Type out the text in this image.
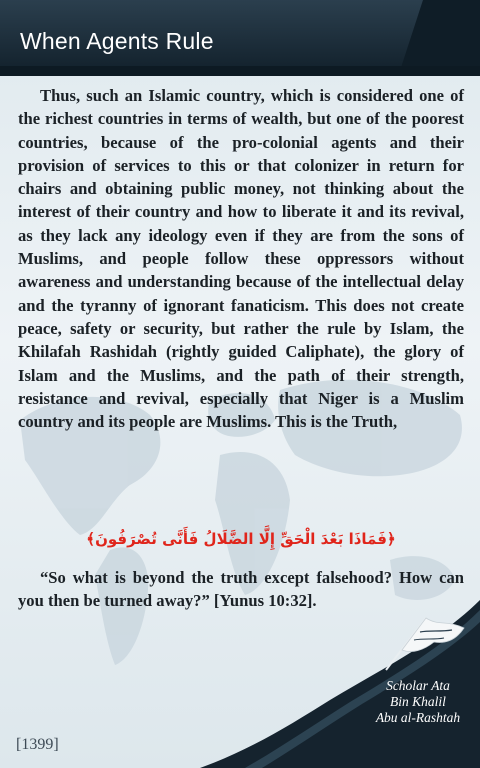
When Agents Rule

Thus, such an Islamic country, which is considered one of the richest countries in terms of wealth, but one of the poorest countries, because of the pro-colonial agents and their provision of services to this or that colonizer in return for chairs and obtaining public money, not thinking about the interest of their country and how to liberate it and its revival, as they lack any ideology even if they are from the sons of Muslims, and people follow these oppressors without awareness and understanding because of the intellectual delay and the tyranny of ignorant fanaticism. This does not create peace, safety or security, but rather the rule by Islam, the Khilafah Rashidah (rightly guided Caliphate), the glory of Islam and the Muslims, and the path of their strength, resistance and revival, especially that Niger is a Muslim country and its people are Muslims. This is the Truth,

﴿فَمَاذَا بَعْدَ الْحَقِّ إِلَّا الضَّلَالُ فَأَنَّى تُصْرَفُونَ﴾

“So what is beyond the truth except falsehood? How can you then be turned away?” [Yunus 10:32].

Scholar Ata
Bin Khalil
Abu al-Rashtah
[1399]
